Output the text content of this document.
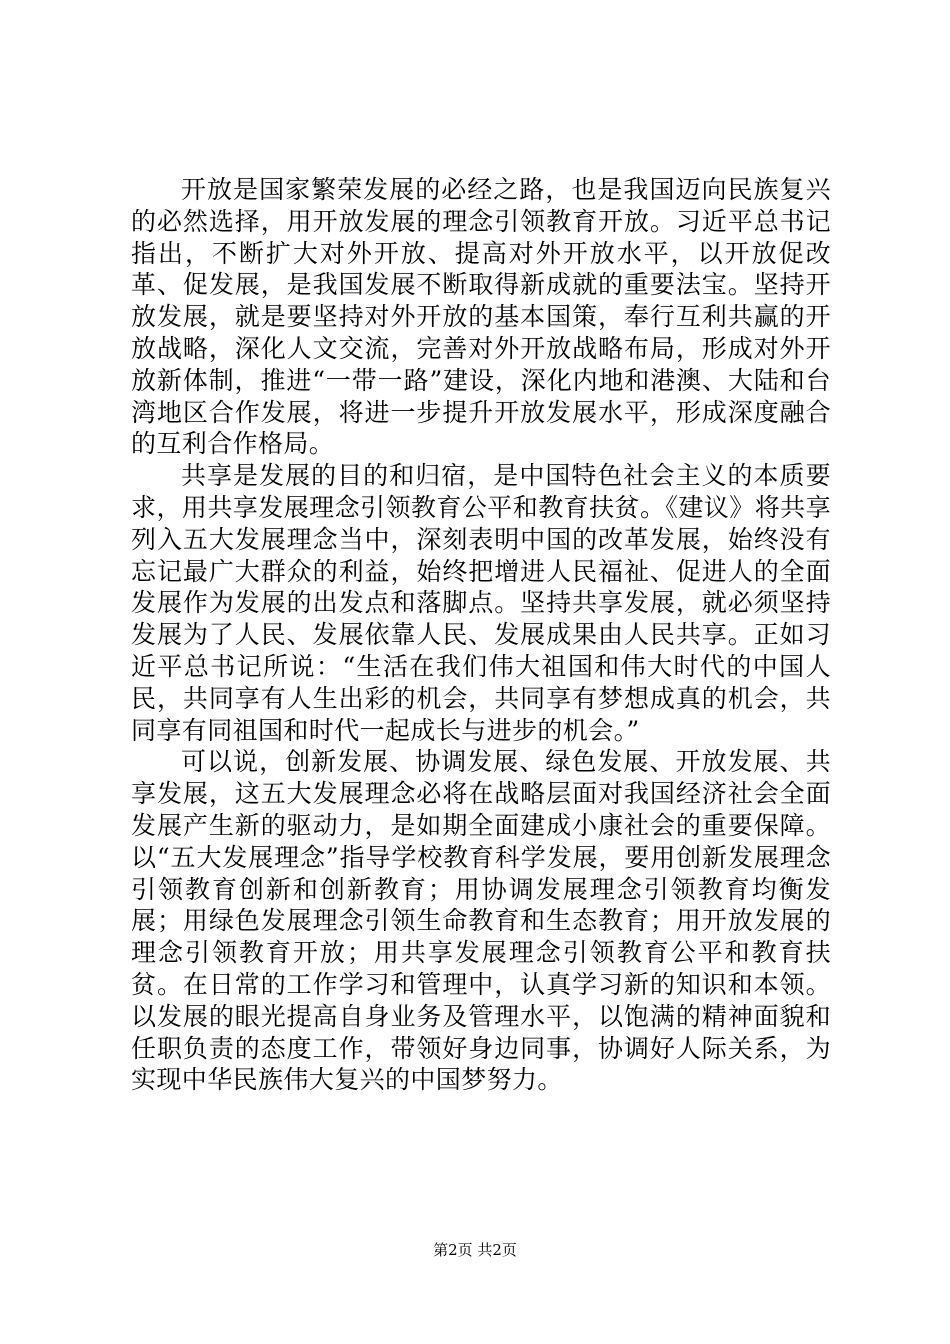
开放是国家繁荣发展的必经之路，也是我国迈向民族复兴的必然选择，用开放发展的理念引领教育开放。习近平总书记指出，不断扩大对外开放、提高对外开放水平，以开放促改革、促发展，是我国发展不断取得新成就的重要法宝。坚持开放发展，就是要坚持对外开放的基本国策，奉行互利共赢的开放战略，深化人文交流，完善对外开放战略布局，形成对外开放新体制，推进“一带一路”建设，深化内地和港澳、大陆和台湾地区合作发展，将进一步提升开放发展水平，形成深度融合的互利合作格局。

共享是发展的目的和归宿，是中国特色社会主义的本质要求，用共享发展理念引领教育公平和教育扶贫。《建议》将共享列入五大发展理念当中，深刻表明中国的改革发展，始终没有忘记最广大群众的利益，始终把增进人民福祉、促进人的全面发展作为发展的出发点和落脚点。坚持共享发展，就必须坚持发展为了人民、发展依靠人民、发展成果由人民共享。正如习近平总书记所说：“生活在我们伟大祖国和伟大时代的中国人民，共同享有人生出彩的机会，共同享有梦想成真的机会，共同享有同祖国和时代一起成长与进步的机会。”

可以说，创新发展、协调发展、绿色发展、开放发展、共享发展，这五大发展理念必将在战略层面对我国经济社会全面发展产生新的驱动力，是如期全面建成小康社会的重要保障。以“五大发展理念”指导学校教育科学发展，要用创新发展理念引领教育创新和创新教育；用协调发展理念引领教育均衡发展；用绿色发展理念引领生命教育和生态教育；用开放发展的理念引领教育开放；用共享发展理念引领教育公平和教育扶贫。在日常的工作学习和管理中，认真学习新的知识和本领。以发展的眼光提高自身业务及管理水平，以饱满的精神面貌和任职负责的态度工作，带领好身边同事，协调好人际关系，为实现中华民族伟大复兴的中国梦努力。

第2页 共2页
